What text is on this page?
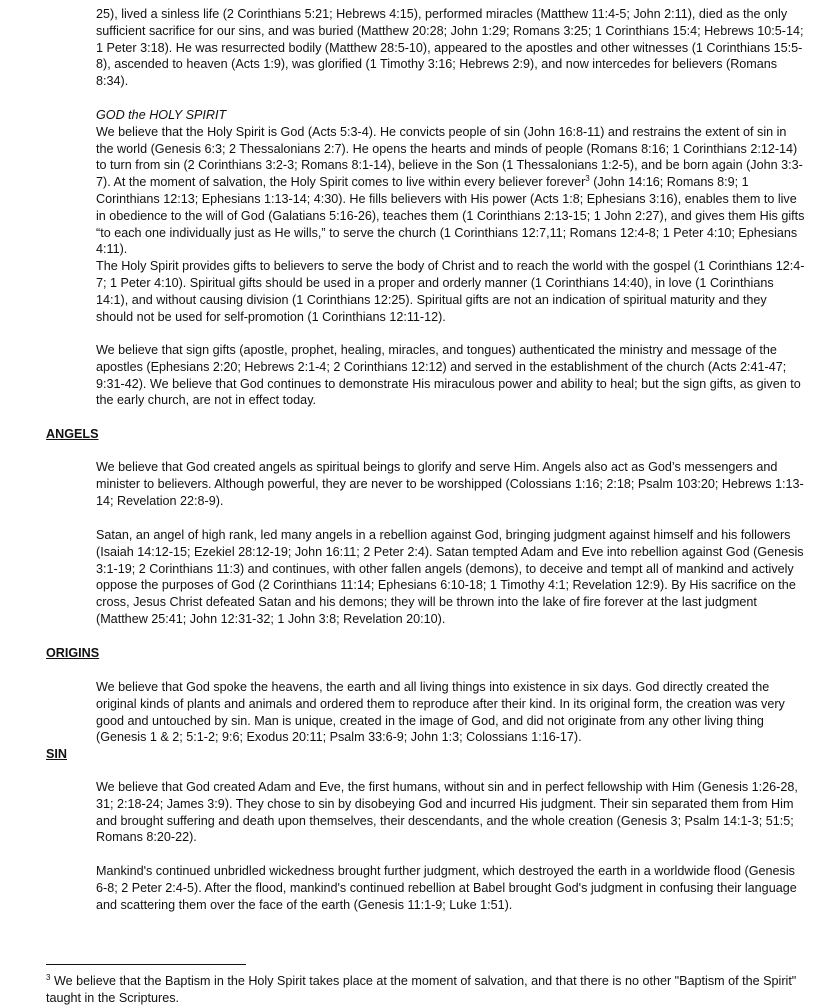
25), lived a sinless life (2 Corinthians 5:21; Hebrews 4:15), performed miracles (Matthew 11:4-5; John 2:11), died as the only sufficient sacrifice for our sins, and was buried (Matthew 20:28; John 1:29; Romans 3:25; 1 Corinthians 15:4; Hebrews 10:5-14; 1 Peter 3:18). He was resurrected bodily (Matthew 28:5-10), appeared to the apostles and other witnesses (1 Corinthians 15:5-8), ascended to heaven (Acts 1:9), was glorified (1 Timothy 3:16; Hebrews 2:9), and now intercedes for believers (Romans 8:34).

GOD the HOLY SPIRIT

We believe that the Holy Spirit is God (Acts 5:3-4). He convicts people of sin (John 16:8-11) and restrains the extent of sin in the world (Genesis 6:3; 2 Thessalonians 2:7). He opens the hearts and minds of people (Romans 8:16; 1 Corinthians 2:12-14) to turn from sin (2 Corinthians 3:2-3; Romans 8:1-14), believe in the Son (1 Thessalonians 1:2-5), and be born again (John 3:3-7). At the moment of salvation, the Holy Spirit comes to live within every believer forever$^3$ (John 14:16; Romans 8:9; 1 Corinthians 12:13; Ephesians 1:13-14; 4:30). He fills believers with His power (Acts 1:8; Ephesians 3:16), enables them to live in obedience to the will of God (Galatians 5:16-26), teaches them (1 Corinthians 2:13-15; 1 John 2:27), and gives them His gifts “to each one individually just as He wills,” to serve the church (1 Corinthians 12:7,11; Romans 12:4-8; 1 Peter 4:10; Ephesians 4:11).

The Holy Spirit provides gifts to believers to serve the body of Christ and to reach the world with the gospel (1 Corinthians 12:4-7; 1 Peter 4:10). Spiritual gifts should be used in a proper and orderly manner (1 Corinthians 14:40), in love (1 Corinthians 14:1), and without causing division (1 Corinthians 12:25). Spiritual gifts are not an indication of spiritual maturity and they should not be used for self-promotion (1 Corinthians 12:11-12).

We believe that sign gifts (apostle, prophet, healing, miracles, and tongues) authenticated the ministry and message of the apostles (Ephesians 2:20; Hebrews 2:1-4; 2 Corinthians 12:12) and served in the establishment of the church (Acts 2:41-47; 9:31-42). We believe that God continues to demonstrate His miraculous power and ability to heal; but the sign gifts, as given to the early church, are not in effect today.

ANGELS

We believe that God created angels as spiritual beings to glorify and serve Him. Angels also act as God’s messengers and minister to believers. Although powerful, they are never to be worshipped (Colossians 1:16; 2:18; Psalm 103:20; Hebrews 1:13-14; Revelation 22:8-9).

Satan, an angel of high rank, led many angels in a rebellion against God, bringing judgment against himself and his followers (Isaiah 14:12-15; Ezekiel 28:12-19; John 16:11; 2 Peter 2:4). Satan tempted Adam and Eve into rebellion against God (Genesis 3:1-19; 2 Corinthians 11:3) and continues, with other fallen angels (demons), to deceive and tempt all of mankind and actively oppose the purposes of God (2 Corinthians 11:14; Ephesians 6:10-18; 1 Timothy 4:1; Revelation 12:9). By His sacrifice on the cross, Jesus Christ defeated Satan and his demons; they will be thrown into the lake of fire forever at the last judgment (Matthew 25:41; John 12:31-32; 1 John 3:8; Revelation 20:10).

ORIGINS

We believe that God spoke the heavens, the earth and all living things into existence in six days. God directly created the original kinds of plants and animals and ordered them to reproduce after their kind. In its original form, the creation was very good and untouched by sin. Man is unique, created in the image of God, and did not originate from any other living thing (Genesis 1 & 2; 5:1-2; 9:6; Exodus 20:11; Psalm 33:6-9; John 1:3; Colossians 1:16-17).

SIN

We believe that God created Adam and Eve, the first humans, without sin and in perfect fellowship with Him (Genesis 1:26-28, 31; 2:18-24; James 3:9). They chose to sin by disobeying God and incurred His judgment. Their sin separated them from Him and brought suffering and death upon themselves, their descendants, and the whole creation (Genesis 3; Psalm 14:1-3; 51:5; Romans 8:20-22).

Mankind's continued unbridled wickedness brought further judgment, which destroyed the earth in a worldwide flood (Genesis 6-8; 2 Peter 2:4-5). After the flood, mankind's continued rebellion at Babel brought God's judgment in confusing their language and scattering them over the face of the earth (Genesis 11:1-9; Luke 1:51).

$^3$ We believe that the Baptism in the Holy Spirit takes place at the moment of salvation, and that there is no other "Baptism of the Spirit" taught in the Scriptures.
